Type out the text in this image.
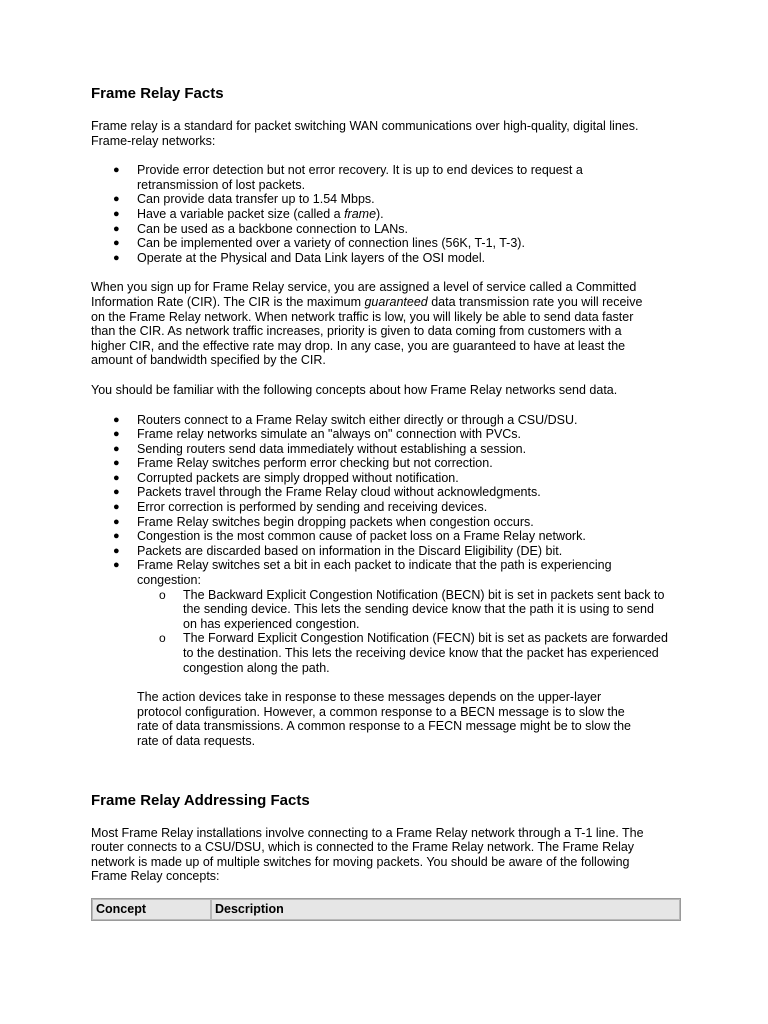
Frame Relay Facts

Frame relay is a standard for packet switching WAN communications over high-quality, digital lines. Frame-relay networks:

● Provide error detection but not error recovery. It is up to end devices to request a retransmission of lost packets.
● Can provide data transfer up to 1.54 Mbps.
● Have a variable packet size (called a frame).
● Can be used as a backbone connection to LANs.
● Can be implemented over a variety of connection lines (56K, T-1, T-3).
● Operate at the Physical and Data Link layers of the OSI model.

When you sign up for Frame Relay service, you are assigned a level of service called a Committed Information Rate (CIR). The CIR is the maximum guaranteed data transmission rate you will receive on the Frame Relay network. When network traffic is low, you will likely be able to send data faster than the CIR. As network traffic increases, priority is given to data coming from customers with a higher CIR, and the effective rate may drop. In any case, you are guaranteed to have at least the amount of bandwidth specified by the CIR.

You should be familiar with the following concepts about how Frame Relay networks send data.

● Routers connect to a Frame Relay switch either directly or through a CSU/DSU.
● Frame relay networks simulate an "always on" connection with PVCs.
● Sending routers send data immediately without establishing a session.
● Frame Relay switches perform error checking but not correction.
● Corrupted packets are simply dropped without notification.
● Packets travel through the Frame Relay cloud without acknowledgments.
● Error correction is performed by sending and receiving devices.
● Frame Relay switches begin dropping packets when congestion occurs.
● Congestion is the most common cause of packet loss on a Frame Relay network.
● Packets are discarded based on information in the Discard Eligibility (DE) bit.
● Frame Relay switches set a bit in each packet to indicate that the path is experiencing congestion:
o The Backward Explicit Congestion Notification (BECN) bit is set in packets sent back to the sending device. This lets the sending device know that the path it is using to send on has experienced congestion.
o The Forward Explicit Congestion Notification (FECN) bit is set as packets are forwarded to the destination. This lets the receiving device know that the packet has experienced congestion along the path.

The action devices take in response to these messages depends on the upper-layer protocol configuration. However, a common response to a BECN message is to slow the rate of data transmissions. A common response to a FECN message might be to slow the rate of data requests.

Frame Relay Addressing Facts

Most Frame Relay installations involve connecting to a Frame Relay network through a T-1 line. The router connects to a CSU/DSU, which is connected to the Frame Relay network. The Frame Relay network is made up of multiple switches for moving packets. You should be aware of the following Frame Relay concepts:

Concept	Description
